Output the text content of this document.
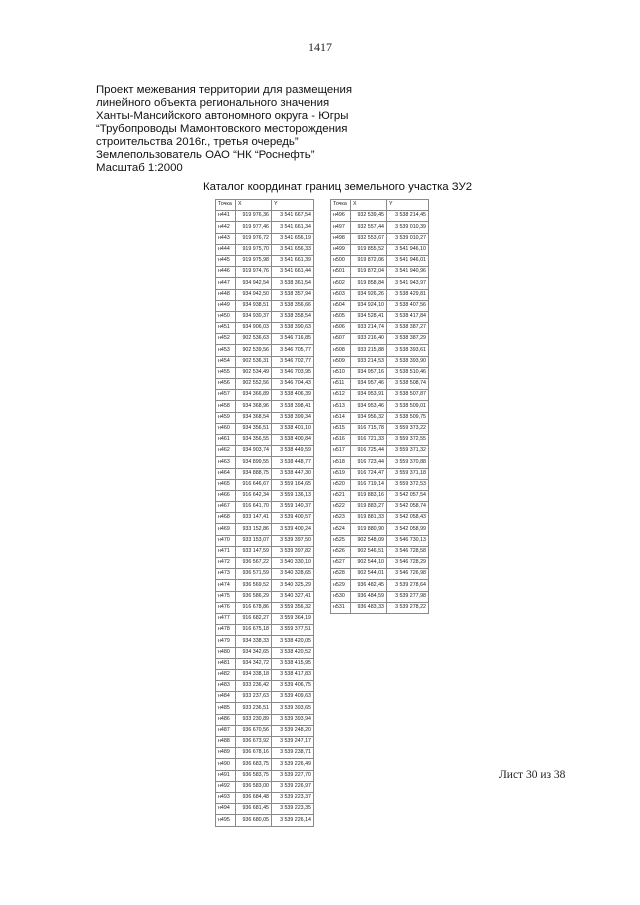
1417
Проект межевания территории для размещения
линейного объекта регионального значения
Ханты-Мансийского автономного округа - Югры
“Трубопроводы Мамонтовского месторождения
строительства 2016г., третья очередь”
Землепользователь ОАО “НК “Роснефть”
Масштаб 1:2000
Каталог координат границ земельного участка ЗУ2
Точка	X	Y
н441	919 976,36	3 541 667,54
н442	919 977,46	3 541 661,34
н443	919 976,72	3 541 656,19
н444	919 975,70	3 541 656,33
н445	919 975,98	3 541 661,39
н446	919 974,76	3 541 661,44
н447	934 942,54	3 538 361,54
н448	934 942,50	3 538 357,94
н449	934 938,51	3 538 356,66
н450	934 930,37	3 538 358,54
н451	934 906,03	3 538 390,63
н452	902 536,63	3 546 716,85
н453	902 539,56	3 546 705,77
н454	902 536,31	3 546 702,77
н455	902 534,49	3 546 703,95
н456	902 552,56	3 546 704,43
н457	934 366,89	3 538 406,39
н458	934 368,96	3 538 398,41
н459	934 368,54	3 538 399,34
н460	934 356,51	3 538 401,10
н461	934 356,55	3 538 400,84
н462	934 903,74	3 538 449,59
н463	934 899,55	3 538 448,77
н464	934 888,75	3 538 447,30
н465	916 646,67	3 559 164,65
н466	916 642,34	3 559 136,13
н467	916 641,70	3 559 140,37
н468	933 147,41	3 539 400,57
н469	933 152,86	3 539 400,24
н470	933 153,07	3 539 397,50
н471	933 147,59	3 539 397,82
н472	936 567,22	3 540 330,10
н473	936 571,59	3 540 328,65
н474	936 569,52	3 540 325,29
н475	936 586,29	3 540 327,41
н476	916 678,86	3 559 356,32
н477	916 682,27	3 559 364,19
н478	916 675,18	3 559 377,51
н479	934 338,33	3 538 420,05
н480	934 342,65	3 538 420,52
н481	934 342,72	3 538 415,95
н482	934 338,18	3 538 417,83
н483	933 236,42	3 539 406,75
н484	933 237,63	3 539 409,63
н485	933 236,51	3 539 393,65
н486	933 230,89	3 539 393,94
н487	936 670,56	3 539 248,20
н488	936 673,92	3 539 247,17
н489	936 678,16	3 539 238,71
н490	936 683,75	3 539 226,49
н491	936 583,75	3 539 227,70
н492	936 583,00	3 539 226,97
н493	936 684,48	3 539 223,37
н494	936 681,45	3 539 223,35
н495	936 680,05	3 539 226,14
Точка	X	Y
н496	932 539,45	3 538 214,45
н497	932 557,44	3 539 010,39
н498	932 553,67	3 539 010,27
н499	919 855,52	3 541 946,10
н500	919 872,06	3 541 946,01
н501	919 872,04	3 541 940,96
н502	919 858,84	3 541 943,97
н503	934 926,26	3 538 429,81
н504	934 924,10	3 538 407,56
н505	934 528,41	3 538 417,84
н506	933 214,74	3 538 387,27
н507	933 216,40	3 538 387,29
н508	933 215,88	3 538 393,61
н509	933 214,53	3 538 393,90
н510	934 957,16	3 538 510,46
н511	934 957,46	3 538 508,74
н512	934 953,91	3 538 507,87
н513	934 953,46	3 538 509,01
н514	934 956,32	3 538 509,75
н515	916 715,78	3 559 373,22
н516	916 721,33	3 559 372,55
н517	916 725,44	3 559 371,32
н518	916 723,44	3 559 370,88
н519	916 724,47	3 559 371,18
н520	916 719,14	3 559 372,53
н521	919 883,16	3 542 057,54
н522	919 883,27	3 542 058,74
н523	919 881,33	3 542 058,43
н524	919 880,90	3 542 058,99
н525	902 548,09	3 546 730,13
н526	902 546,51	3 546 728,58
н527	902 544,10	3 546 728,29
н528	902 544,01	3 546 726,98
н529	936 482,45	3 539 278,64
н530	936 484,59	3 539 277,98
н531	936 483,33	3 539 278,22
Лист 30 из 38
